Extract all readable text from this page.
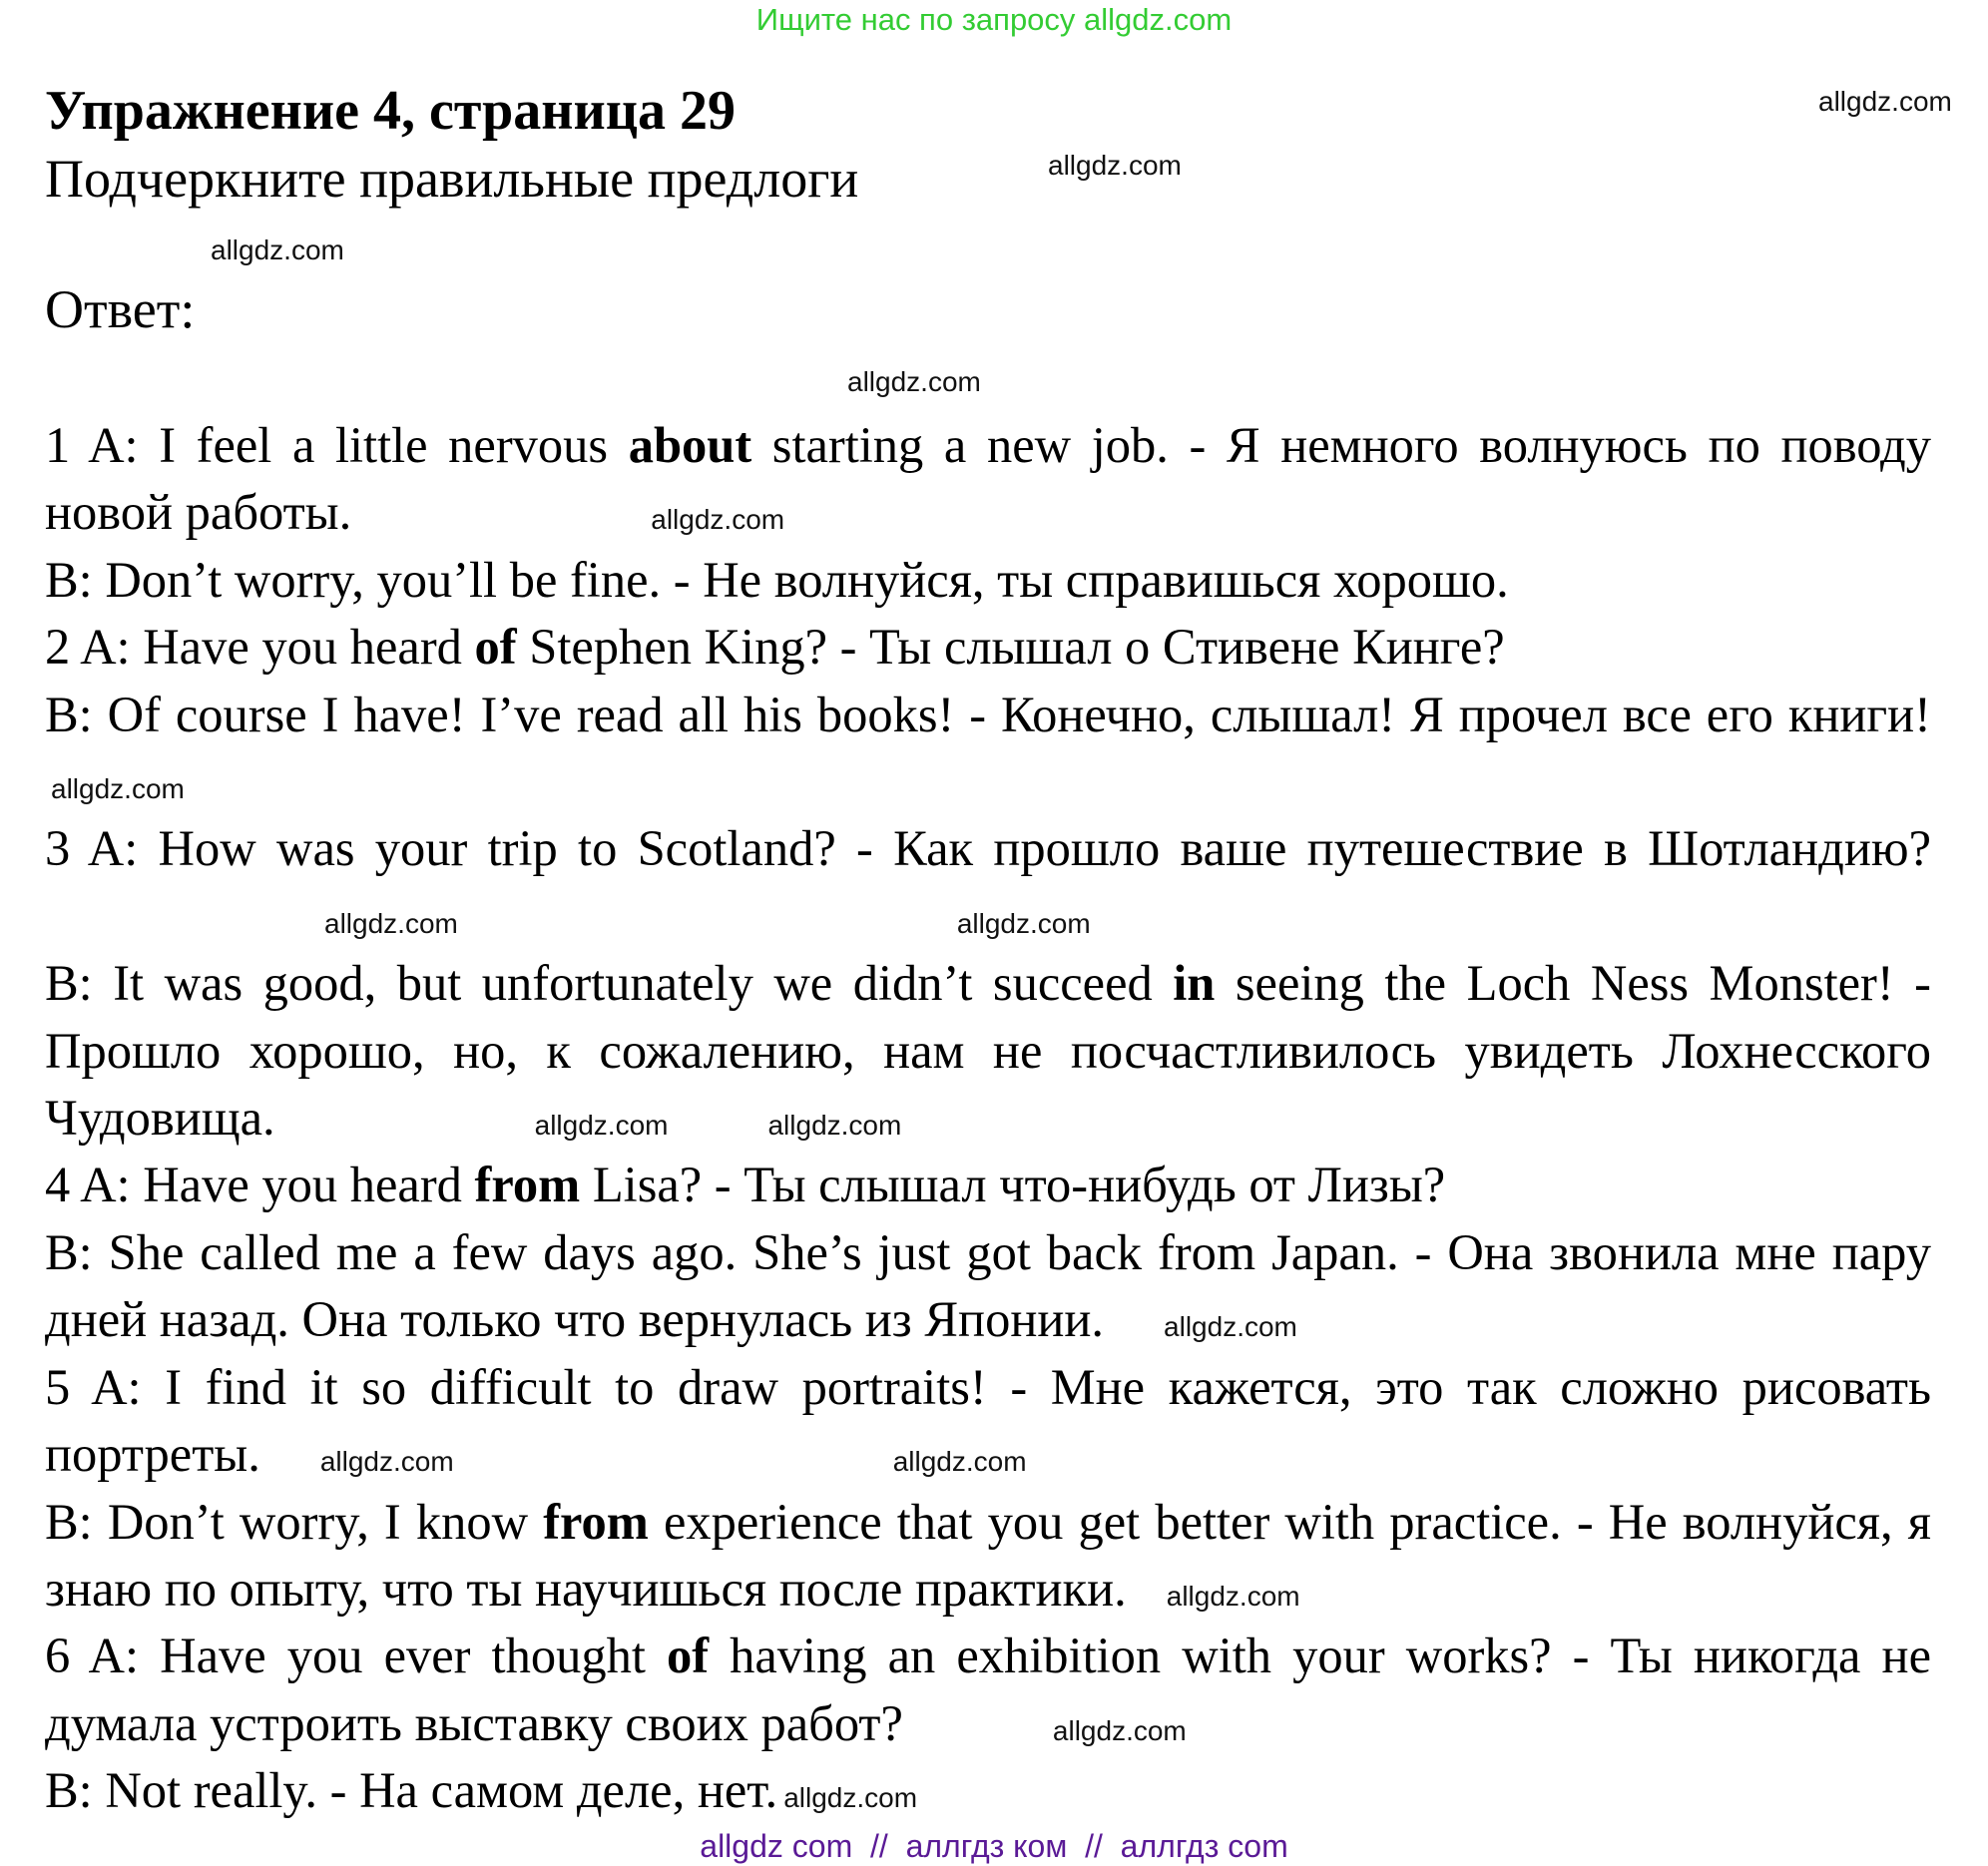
Ищите нас по запросу allgdz.com
Упражнение 4, страница 29
Подчеркните правильные предлоги
Ответ:
allgdz.com
allgdz.com
allgdz.com
allgdz.com

1 A: I feel a little nervous about starting a new job. - Я немного волнуюсь по поводу новой работы.	allgdz.com

B: Don’t worry, you’ll be fine. - Не волнуйся, ты справишься хорошо.

2 A: Have you heard of Stephen King? - Ты слышал о Стивене Кинге?

B: Of course I have! I’ve read all his books! - Конечно, слышал! Я прочел все его книги!allgdz.com

3 A: How was your trip to Scotland? - Как прошло ваше путешествие в Шотландию?allgdz.com	allgdz.com

B: It was good, but unfortunately we didn’t succeed in seeing the Loch Ness Monster! - Прошло хорошо, но, к сожалению, нам не посчастливилось увидеть Лохнесского Чудовища.	allgdz.com	allgdz.com

4 A: Have you heard from Lisa? - Ты слышал что-нибудь от Лизы?

B: She called me a few days ago. She’s just got back from Japan. - Она звонила мне пару дней назад. Она только что вернулась из Японии. allgdz.com

5 A: I find it so difficult to draw portraits! - Мне кажется, это так сложно рисовать портреты. allgdz.com	allgdz.com

B: Don’t worry, I know from experience that you get better with practice. - Не волнуйся, я знаю по опыту, что ты научишься после практики. allgdz.com

6 A: Have you ever thought of having an exhibition with your works? - Ты никогда не думала устроить выставку своих работ?	allgdz.com

B: Not really. - На самом деле, нет. allgdz.com

allgdz com  //  аллгдз ком  //  аллгдз com
